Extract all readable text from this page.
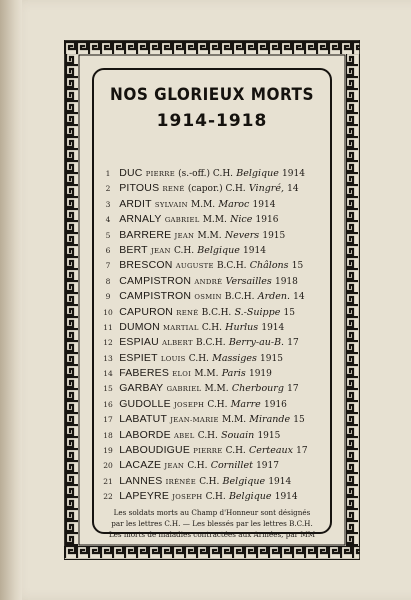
NOS GLORIEUX MORTS
1914-1918
1 DUC PIERRE (s.-off.) C.H. Belgique 1914
2 PITOUS RENÉ (capor.) C.H. Vingré, 14
3 ARDIT SYLVAIN M.M. Maroc 1914
4 ARNALY GABRIEL M.M. Nice 1916
5 BARRERE JEAN M.M. Nevers 1915
6 BERT JEAN C.H. Belgique 1914
7 BRESCON AUGUSTE B.C.H. Châlons 15
8 CAMPISTRON ANDRÉ Versailles 1918
9 CAMPISTRON OSMIN B.C.H. Arden. 14
10 CAPURON RENÉ B.C.H. S.-Suippe 15
11 DUMON MARTIAL C.H. Hurlus 1914
12 ESPIAU ALBERT B.C.H. Berry-au-B. 17
13 ESPIET LOUIS C.H. Massiges 1915
14 FABERES ELOI M.M. Paris 1919
15 GARBAY GABRIEL M.M. Cherbourg 17
16 GUDOLLE JOSEPH C.H. Marre 1916
17 LABATUT JEAN-MARIE M.M. Mirande 15
18 LABORDE ABEL C.H. Souain 1915
19 LABOUDIGUE PIERRE C.H. Certeaux 17
20 LACAZE JEAN C.H. Cornillet 1917
21 LANNES IRÉNÉE C.H. Belgique 1914
22 LAPEYRE JOSEPH C.H. Belgique 1914
Les soldats morts au Champ d'Honneur sont désignés
par les lettres C.H. — Les blessés par les lettres B.C.H.
Les morts de maladies contractées aux Armées, par MM
